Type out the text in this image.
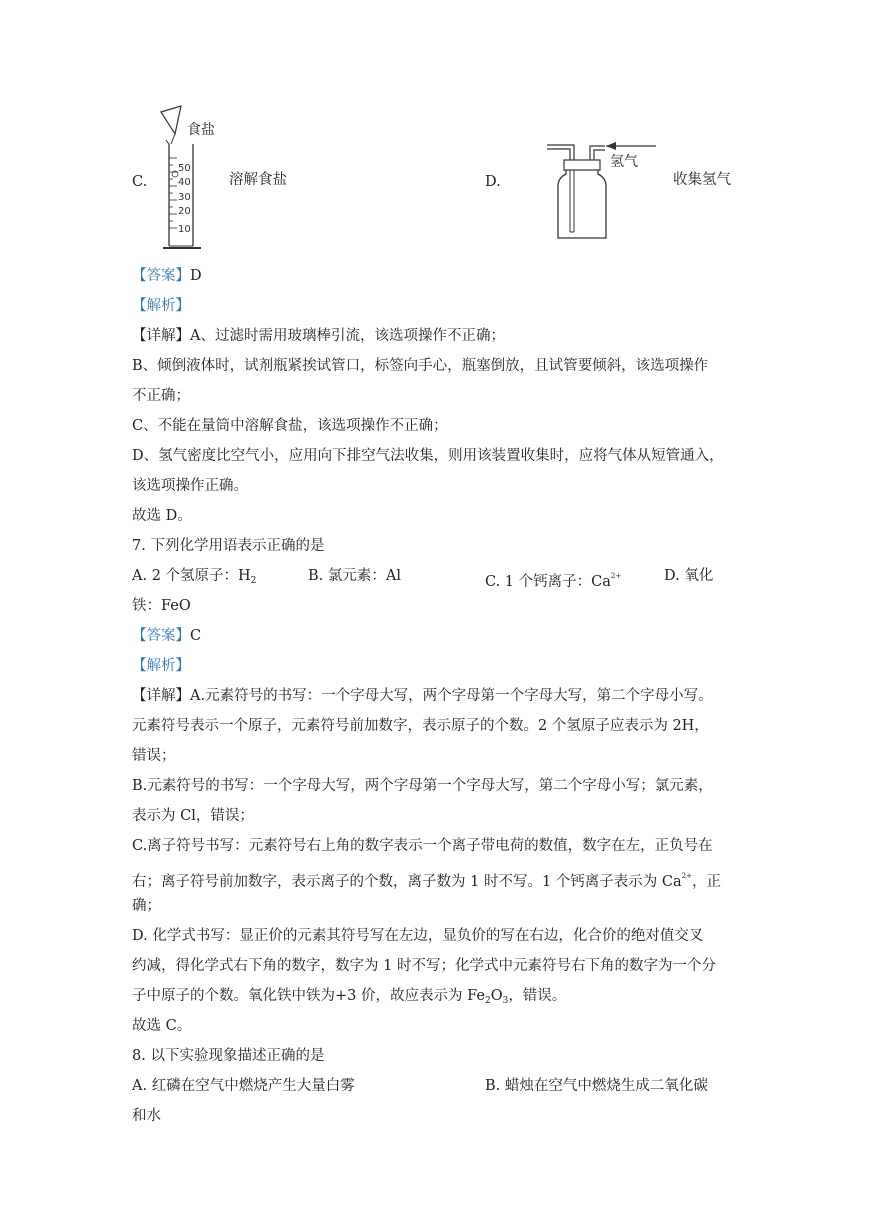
C.
食盐
50
40
30
20
10
溶解食盐	D.
氢气
收集氢气
【答案】D
【解析】
【详解】A、过滤时需用玻璃棒引流，该选项操作不正确；
B、倾倒液体时，试剂瓶紧挨试管口，标签向手心，瓶塞倒放，且试管要倾斜，该选项操作
不正确；
C、不能在量筒中溶解食盐，该选项操作不正确；
D、氢气密度比空气小，应用向下排空气法收集，则用该装置收集时，应将气体从短管通入，
该选项操作正确。
故选 D。
7. 下列化学用语表示正确的是
A. 2 个氢原子：$H_2$	B. 氯元素：Al	C. 1 个钙离子：$Ca^{2+}$	D. 氧化
铁：FeO
【答案】C
【解析】
【详解】A.元素符号的书写：一个字母大写，两个字母第一个字母大写，第二个字母小写。
元素符号表示一个原子，元素符号前加数字，表示原子的个数。2 个氢原子应表示为 2H，
错误；
B.元素符号的书写：一个字母大写，两个字母第一个字母大写，第二个字母小写；氯元素，
表示为 Cl，错误；
C.离子符号书写：元素符号右上角的数字表示一个离子带电荷的数值，数字在左，正负号在
右；离子符号前加数字，表示离子的个数，离子数为 1 时不写。1 个钙离子表示为 $Ca^{2+}$，正
确；
D. 化学式书写：显正价的元素其符号写在左边，显负价的写在右边，化合价的绝对值交叉
约减，得化学式右下角的数字，数字为 1 时不写；化学式中元素符号右下角的数字为一个分
子中原子的个数。氧化铁中铁为+3 价，故应表示为 $Fe_2O_3$，错误。
故选 C。
8. 以下实验现象描述正确的是
A. 红磷在空气中燃烧产生大量白雾	B. 蜡烛在空气中燃烧生成二氧化碳
和水
